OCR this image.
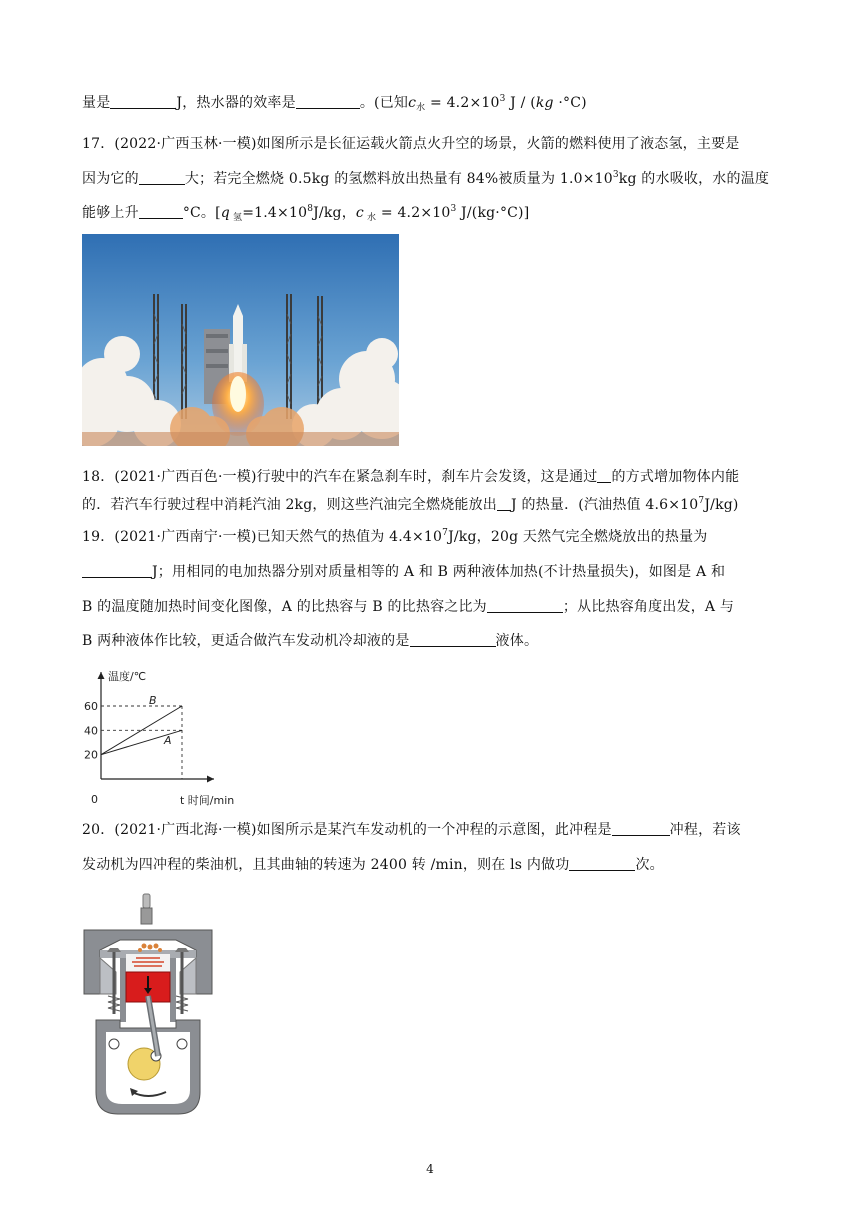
量是	J，热水器的效率是	。(已知$c_水 = 4.2\times 10^3$ J / (kg ·°C)
17．(2022·广西玉林·一模)如图所示是长征运载火箭点火升空的场景，火箭的燃料使用了液态氢，主要是
因为它的	大；若完全燃烧 0.5kg 的氢燃料放出热量有 84%被质量为 $1.0\times 10^3kg$ 的水吸收，水的温度
能够上升	°C。[q $_氢=1.4\times 10^8J/kg$，c $_水 = 4.2\times 10^3$ J/(kg·°C)]
18．(2021·广西百色·一模)行驶中的汽车在紧急刹车时，刹车片会发烫，这是通过 的方式增加物体内能
的．若汽车行驶过程中消耗汽油 2kg，则这些汽油完全燃烧能放出 J 的热量．(汽油热值 $4.6\times 10^7J/kg$)
19．(2021·广西南宁·一模)已知天然气的热值为 $4.4\times 10^7J/kg$，20g 天然气完全燃烧放出的热量为
J；用相同的电加热器分别对质量相等的 A 和 B 两种液体加热(不计热量损失)，如图是 A 和
B 的温度随加热时间变化图像，A 的比热容与 B 的比热容之比为	；从比热容角度出发，A 与
B 两种液体作比较，更适合做汽车发动机冷却液的是	液体。
温度/℃
t 时间/min
0
20
40
60
A
B
20．(2021·广西北海·一模)如图所示是某汽车发动机的一个冲程的示意图，此冲程是	冲程，若该
发动机为四冲程的柴油机，且其曲轴的转速为 2400 转 /min，则在 ls 内做功	次。
4
